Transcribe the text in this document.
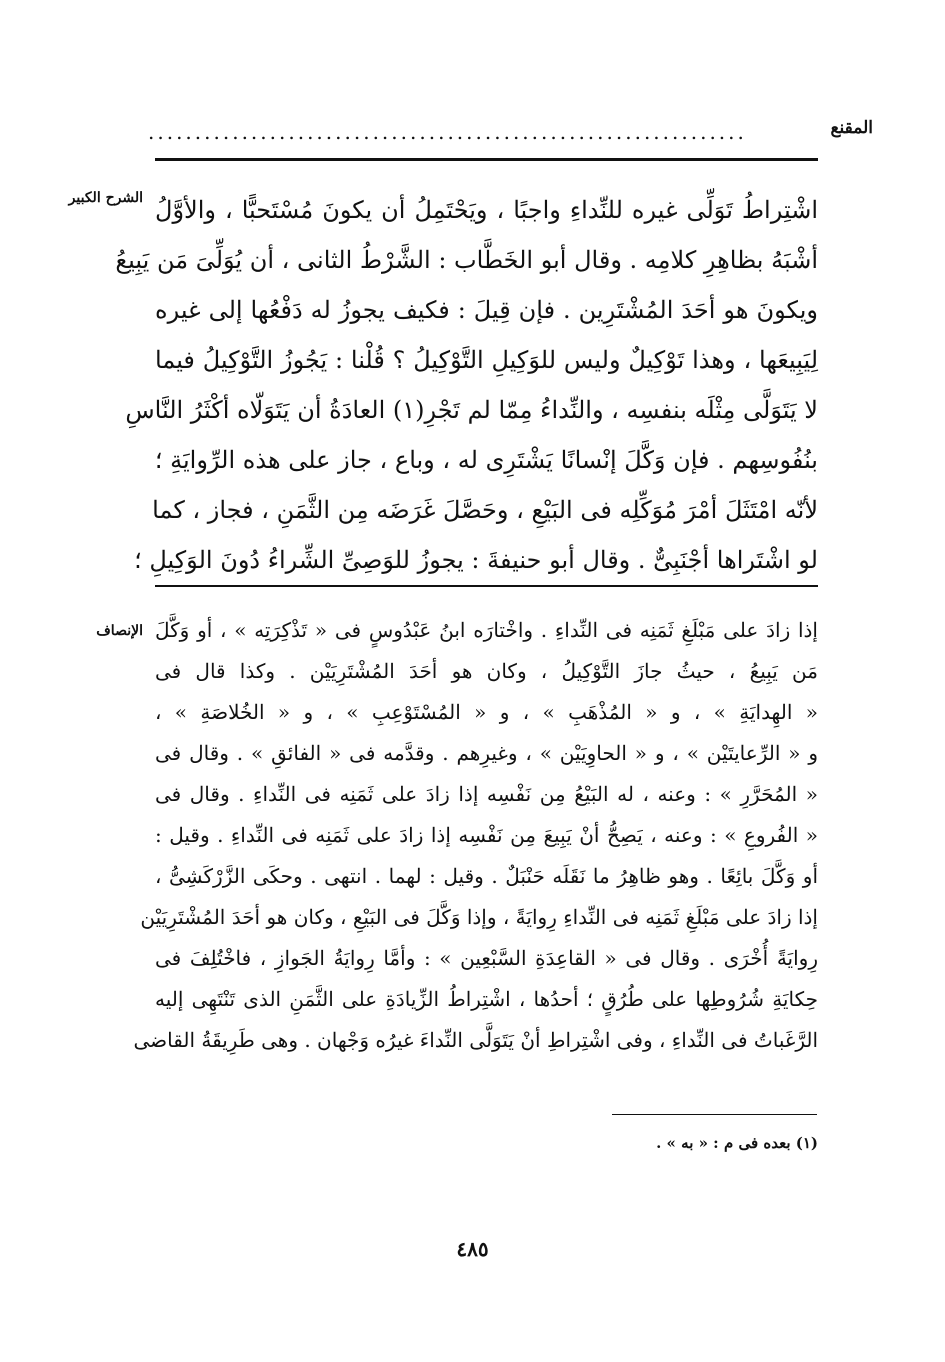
المقنع
................................................................
الشرح الكبير اشْتِراطُ تَوَلِّى غيره للنِّداءِ واجبًا ، ويَحْتَمِلُ أن يكونَ مُسْتَحبًّا ، والأوَّلُ
أشْبَهُ بظاهِرِ كلامِه . وقال أبو الخَطَّاب : الشَّرْطُ الثانى ، أن يُوَلِّىَ مَن يَبِيعُ
ويكونَ هو أحَدَ المُشْتَرِين . فإن قِيلَ : فكيف يجوزُ له دَفْعُها إلى غيره
لِيَبِيعَها ، وهذا تَوْكِيلٌ وليس للوَكِيلِ التَّوْكِيلُ ؟ قُلْنا : يَجُوزُ التَّوْكِيلُ فيما
لا يَتَوَلَّى مِثْلَه بنفسِه ، والنِّداءُ مِمّا لم تَجْرِ(١) العادَةُ أن يَتَوَلّاه أكْثَرُ النَّاسِ
بنُفُوسِهم . فإن وَكَّلَ إنْسانًا يَشْتَرِى له ، وباع ، جاز على هذه الرِّوايَةِ ؛
لأنّه امْتَثَلَ أمْرَ مُوَكِّلِه فى البَيْعِ ، وحَصَّلَ غَرَضَه مِن الثَّمَنِ ، فجاز ، كما
لو اشْتَراها أجْنَبِىٌّ . وقال أبو حنيفةَ : يجوزُ للوَصِىِّ الشِّراءُ دُونَ الوَكِيلِ ؛
الإنصاف إذا زادَ على مَبْلَغِ ثَمَنِه فى النِّداءِ . واخْتارَه ابنُ عَبْدُوسٍ فى « تَذْكِرَتِه » ، أو وَكَّلَ
مَن يَبِيعُ ، حيثُ جازَ التَّوْكِيلُ ، وكان هو أحَدَ المُشْتَرِيَيْن . وكذا قال فى
« الهِدايَةِ » ، و « المُذْهَبِ » ، و « المُسْتَوْعِبِ » ، و « الخُلاصَةِ » ،
و « الرِّعايتَيْن » ، و « الحاوِيَيْن » ، وغيرِهم . وقدَّمه فى « الفائقِ » . وقال فى
« المُحَرَّرِ » : وعنه ، له البَيْعُ مِن نَفْسِه إذا زادَ على ثَمَنِه فى النِّداءِ . وقال فى
« الفُروعِ » : وعنه ، يَصِحُّ أنْ يَبِيعَ مِن نَفْسِه إذا زادَ على ثَمَنِه فى النِّداءِ . وقيل :
أو وَكَّلَ بائِعًا . وهو ظاهِرُ ما نَقَلَه حَنْبَلٌ . وقيل : لهما . انتهى . وحكَى الزَّرْكَشِىُّ ،
إذا زادَ على مَبْلَغِ ثَمَنِه فى النِّداءِ رِوايَةً ، وإذا وَكَّلَ فى البَيْعِ ، وكان هو أحَدَ المُشْتَرِيَيْن
رِوايَةً أُخْرَى . وقال فى « القاعِدَةِ السَّبْعِين » : وأمَّا رِوايَةُ الجَوازِ ، فاخْتُلِفَ فى
حِكايَةِ شُرُوطِها على طُرُقٍ ؛ أحدُها ، اشْتِراطُ الزِّيادَةِ على الثَّمَنِ الذى تَنْتَهِى إليه
الرَّغَباتُ فى النِّداءِ ، وفى اشْتِراطِ أنْ يَتَوَلَّى النِّداءَ غيرُه وَجْهان . وهى طَرِيقَةُ القاضى
(١) بعده فى م : « به » .
٤٨٥
